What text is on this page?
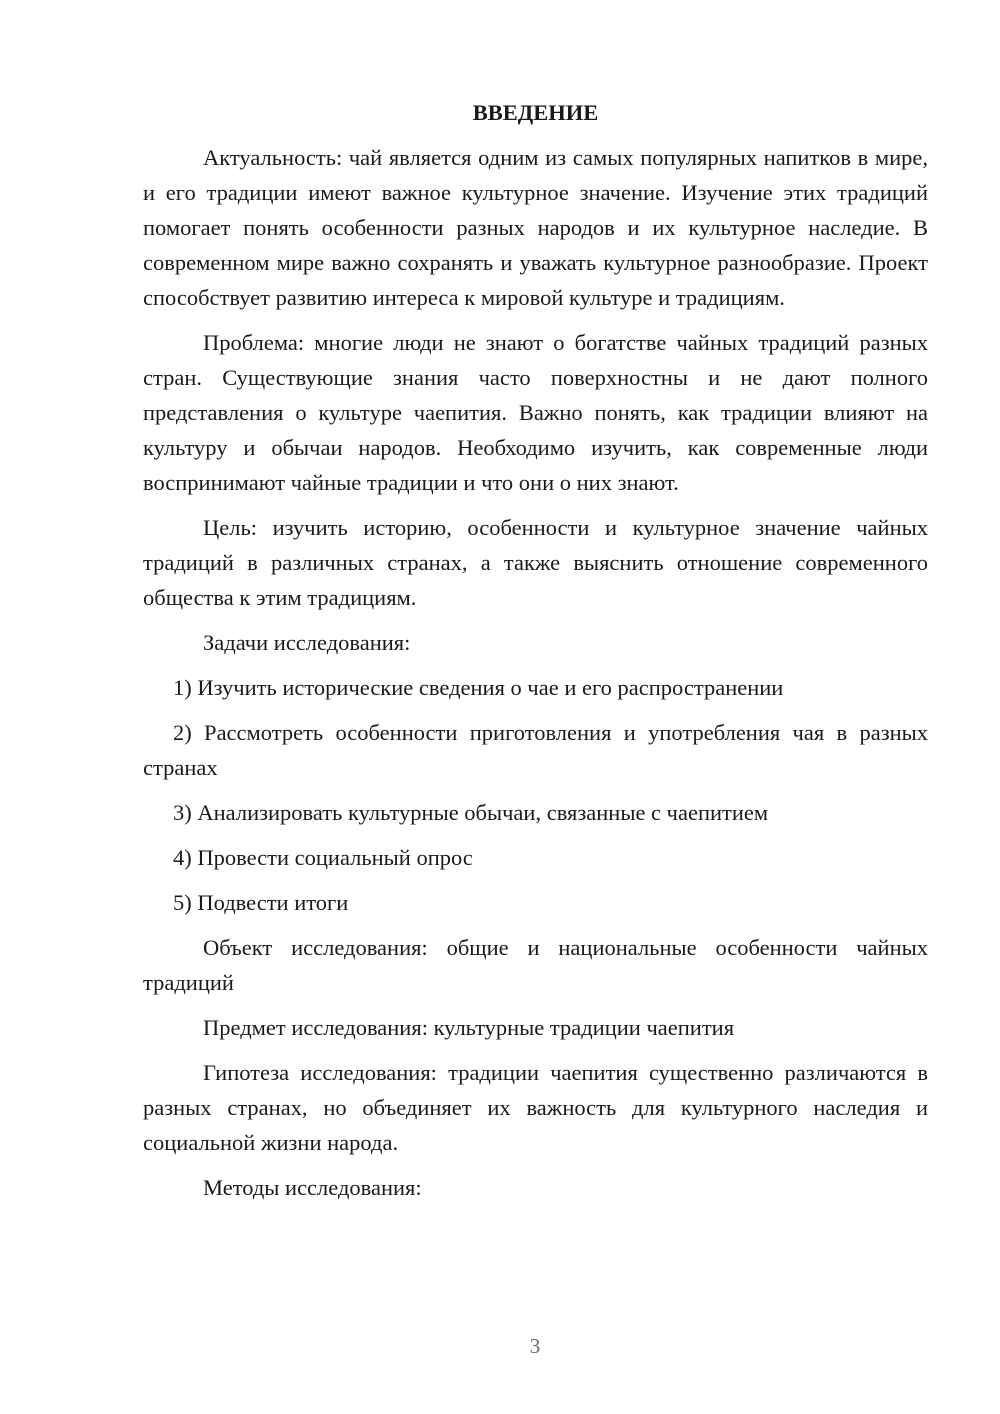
ВВЕДЕНИЕ

Актуальность: чай является одним из самых популярных напитков в мире, и его традиции имеют важное культурное значение. Изучение этих традиций помогает понять особенности разных народов и их культурное наследие. В современном мире важно сохранять и уважать культурное разнообразие. Проект способствует развитию интереса к мировой культуре и традициям.

Проблема: многие люди не знают о богатстве чайных традиций разных стран. Существующие знания часто поверхностны и не дают полного представления о культуре чаепития. Важно понять, как традиции влияют на культуру и обычаи народов. Необходимо изучить, как современные люди воспринимают чайные традиции и что они о них знают.

Цель: изучить историю, особенности и культурное значение чайных традиций в различных странах, а также выяснить отношение современного общества к этим традициям.

Задачи исследования:

1) Изучить исторические сведения о чае и его распространении

2) Рассмотреть особенности приготовления и употребления чая в разных странах

3) Анализировать культурные обычаи, связанные с чаепитием

4) Провести социальный опрос

5) Подвести итоги

Объект исследования: общие и национальные особенности чайных традиций

Предмет исследования: культурные традиции чаепития

Гипотеза исследования: традиции чаепития существенно различаются в разных странах, но объединяет их важность для культурного наследия и социальной жизни народа.

Методы исследования:

3
